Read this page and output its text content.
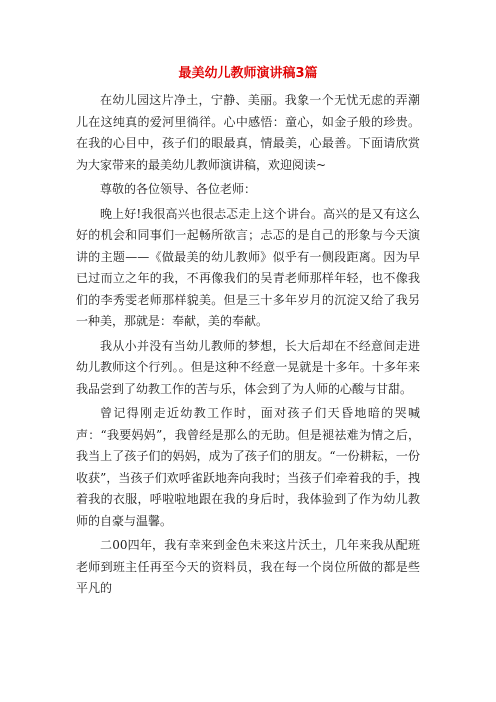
最美幼儿教师演讲稿3篇

在幼儿园这片净土，宁静、美丽。我象一个无忧无虑的弄潮儿在这纯真的爱河里徜徉。心中感悟：童心，如金子般的珍贵。在我的心目中，孩子们的眼最真，情最美，心最善。下面请欣赏为大家带来的最美幼儿教师演讲稿，欢迎阅读~

尊敬的各位领导、各位老师：

晚上好!我很高兴也很忐忑走上这个讲台。高兴的是又有这么好的机会和同事们一起畅所欲言；忐忑的是自己的形象与今天演讲的主题——《做最美的幼儿教师》似乎有一侧段距离。因为早已过而立之年的我，不再像我们的吴青老师那样年轻，也不像我们的李秀雯老师那样貌美。但是三十多年岁月的沉淀又给了我另一种美，那就是：奉献，美的奉献。

我从小并没有当幼儿教师的梦想，长大后却在不经意间走进幼儿教师这个行列。。但是这种不经意一晃就是十多年。十多年来我品尝到了幼教工作的苦与乐，体会到了为人师的心酸与甘甜。

曾记得刚走近幼教工作时，面对孩子们天昏地暗的哭喊声：“我要妈妈”，我曾经是那么的无助。但是褪祛难为情之后，我当上了孩子们的妈妈，成为了孩子们的朋友。“一份耕耘，一份收获”，当孩子们欢呼雀跃地奔向我时；当孩子们牵着我的手，拽着我的衣服，呼啦啦地跟在我的身后时，我体验到了作为幼儿教师的自豪与温馨。

二00四年，我有幸来到金色未来这片沃土，几年来我从配班老师到班主任再至今天的资料员，我在每一个岗位所做的都是些平凡的
